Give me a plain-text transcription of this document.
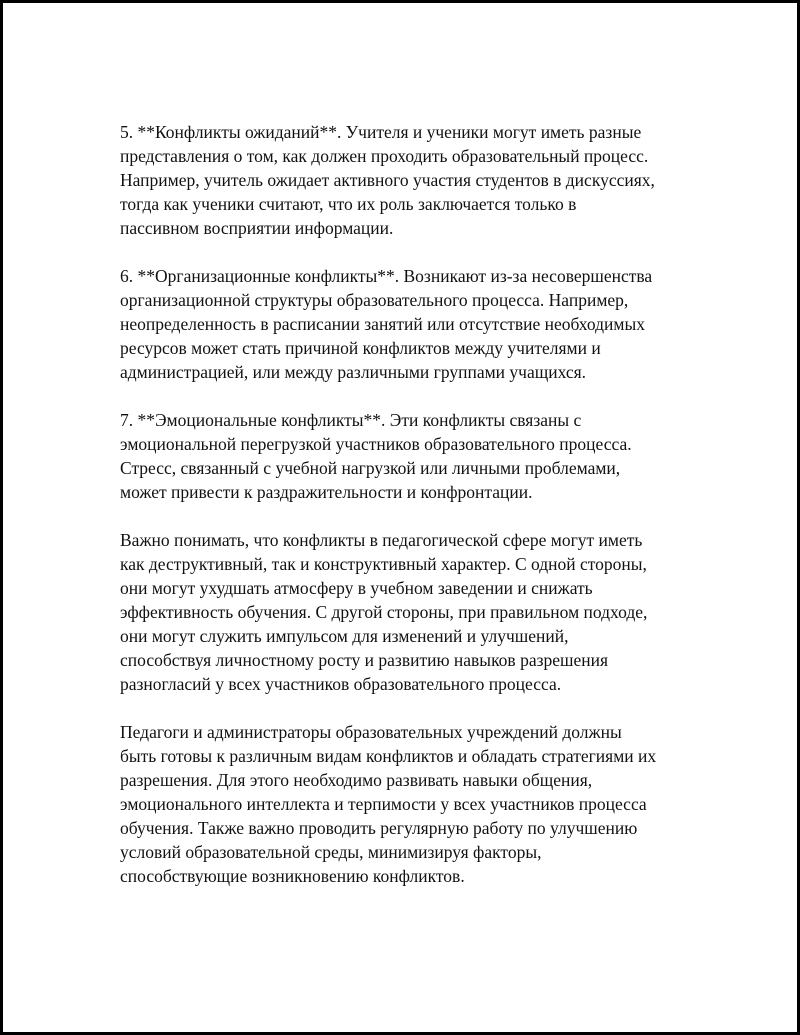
5. **Конфликты ожиданий**. Учителя и ученики могут иметь разные
представления о том, как должен проходить образовательный процесс.
Например, учитель ожидает активного участия студентов в дискуссиях,
тогда как ученики считают, что их роль заключается только в
пассивном восприятии информации.

6. **Организационные конфликты**. Возникают из-за несовершенства
организационной структуры образовательного процесса. Например,
неопределенность в расписании занятий или отсутствие необходимых
ресурсов может стать причиной конфликтов между учителями и
администрацией, или между различными группами учащихся.

7. **Эмоциональные конфликты**. Эти конфликты связаны с
эмоциональной перегрузкой участников образовательного процесса.
Стресс, связанный с учебной нагрузкой или личными проблемами,
может привести к раздражительности и конфронтации.

Важно понимать, что конфликты в педагогической сфере могут иметь
как деструктивный, так и конструктивный характер. С одной стороны,
они могут ухудшать атмосферу в учебном заведении и снижать
эффективность обучения. С другой стороны, при правильном подходе,
они могут служить импульсом для изменений и улучшений,
способствуя личностному росту и развитию навыков разрешения
разногласий у всех участников образовательного процесса.

Педагоги и администраторы образовательных учреждений должны
быть готовы к различным видам конфликтов и обладать стратегиями их
разрешения. Для этого необходимо развивать навыки общения,
эмоционального интеллекта и терпимости у всех участников процесса
обучения. Также важно проводить регулярную работу по улучшению
условий образовательной среды, минимизируя факторы,
способствующие возникновению конфликтов.
